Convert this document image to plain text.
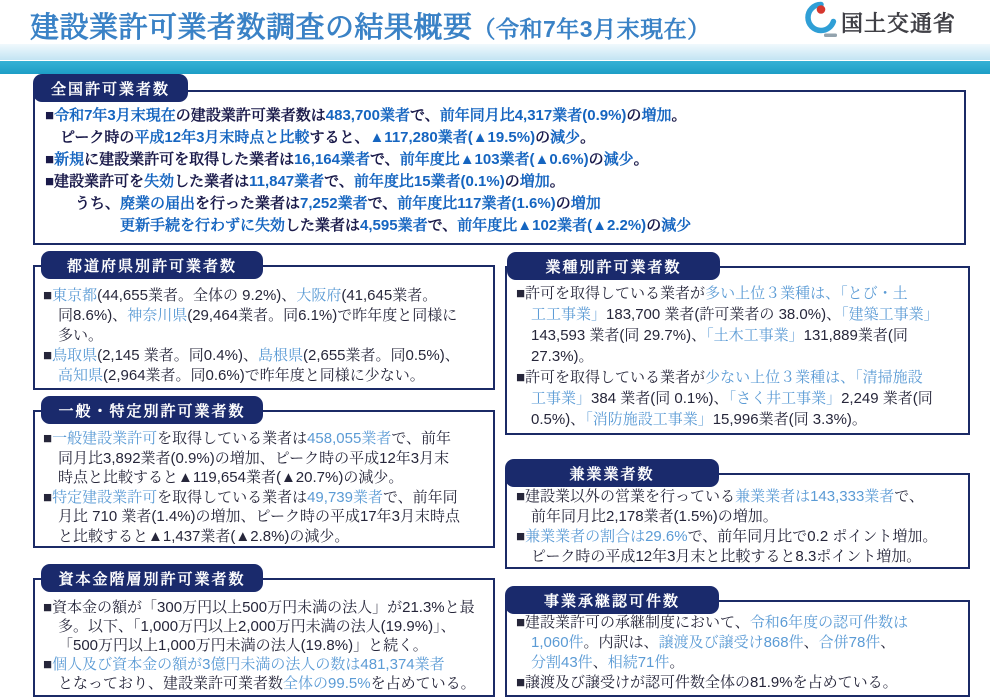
建設業許可業者数調査の結果概要（令和7年3月末現在）	国土交通省
全国許可業者数
■令和7年3月末現在の建設業許可業者数は483,700業者で、前年同月比4,317業者(0.9%)の増加。
ピーク時の平成12年3月末時点と比較すると、▲117,280業者(▲19.5%)の減少。
■新規に建設業許可を取得した業者は16,164業者で、前年度比▲103業者(▲0.6%)の減少。
■建設業許可を失効した業者は11,847業者で、前年度比15業者(0.1%)の増加。
うち、廃業の届出を行った業者は7,252業者で、前年度比117業者(1.6%)の増加
更新手続を行わずに失効した業者は4,595業者で、前年度比▲102業者(▲2.2%)の減少
都道府県別許可業者数
■東京都(44,655業者。全体の 9.2%)、大阪府(41,645業者。
同8.6%)、神奈川県(29,464業者。同6.1%)で昨年度と同様に
多い。
■鳥取県(2,145 業者。同0.4%)、島根県(2,655業者。同0.5%)、
高知県(2,964業者。同0.6%)で昨年度と同様に少ない。
一般・特定別許可業者数
■一般建設業許可を取得している業者は458,055業者で、前年
同月比3,892業者(0.9%)の増加、ピーク時の平成12年3月末
時点と比較すると▲119,654業者(▲20.7%)の減少。
■特定建設業許可を取得している業者は49,739業者で、前年同
月比 710 業者(1.4%)の増加、ピーク時の平成17年3月末時点
と比較すると▲1,437業者(▲2.8%)の減少。
資本金階層別許可業者数
■資本金の額が「300万円以上500万円未満の法人」が21.3%と最
多。以下、「1,000万円以上2,000万円未満の法人(19.9%)」、
「500万円以上1,000万円未満の法人(19.8%)」と続く。
■個人及び資本金の額が3億円未満の法人の数は481,374業者
となっており、建設業許可業者数全体の99.5%を占めている。
業種別許可業者数
■許可を取得している業者が多い上位３業種は、「とび・土
工工事業」183,700 業者(許可業者の 38.0%)、「建築工事業」
143,593 業者(同 29.7%)、「土木工事業」131,889業者(同
27.3%)。
■許可を取得している業者が少ない上位３業種は、「清掃施設
工事業」384 業者(同 0.1%)、「さく井工事業」2,249 業者(同
0.5%)、「消防施設工事業」15,996業者(同 3.3%)。
兼業業者数
■建設業以外の営業を行っている兼業業者は143,333業者で、
前年同月比2,178業者(1.5%)の増加。
■兼業業者の割合は29.6%で、前年同月比で0.2 ポイント増加。
ピーク時の平成12年3月末と比較すると8.3ポイント増加。
事業承継認可件数
■建設業許可の承継制度において、令和6年度の認可件数は
1,060件。内訳は、譲渡及び譲受け868件、合併78件、
分割43件、相続71件。
■譲渡及び譲受けが認可件数全体の81.9%を占めている。
